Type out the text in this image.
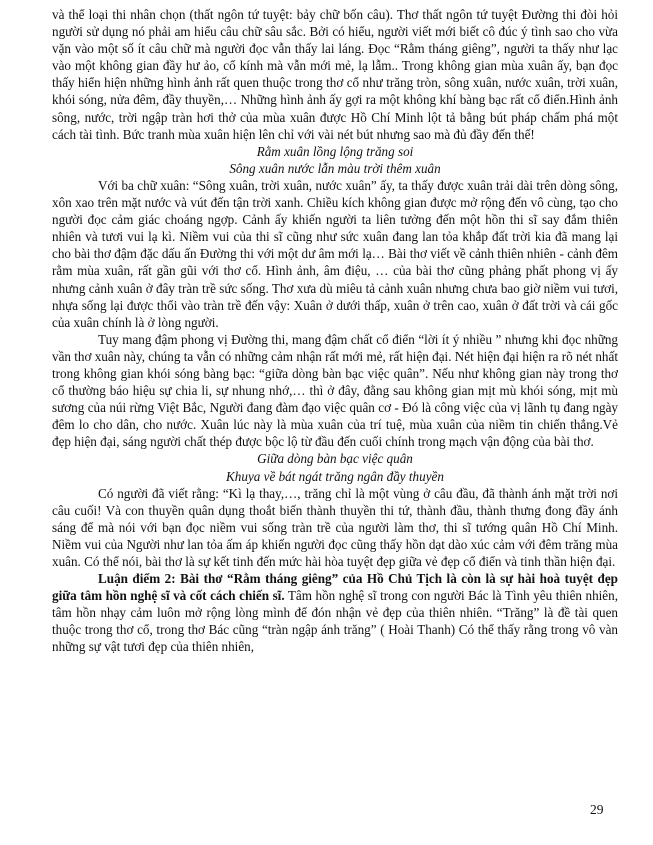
và thể loại thi nhân chọn (thất ngôn tứ tuyệt: bảy chữ bốn câu). Thơ thất ngôn tứ tuyệt Đường thi đòi hỏi người sử dụng nó phải am hiểu câu chữ sâu sắc. Bởi có hiểu, người viết mới biết cô đúc ý tình sao cho vừa vặn vào một số ít câu chữ mà người đọc vẫn thấy lai láng. Đọc “Rằm tháng giêng”, người ta thấy như lạc vào một không gian đầy hư ảo, cổ kính mà vẫn mới mẻ, lạ lẫm.. Trong không gian mùa xuân ấy, bạn đọc thấy hiển hiện những hình ảnh rất quen thuộc trong thơ cổ như trăng tròn, sông xuân, nước xuân, trời xuân, khói sóng, nửa đêm, đầy thuyền,… Những hình ảnh ấy gợi ra một không khí bàng bạc rất cổ điển.Hình ảnh sông, nước, trời ngập tràn hơi thở của mùa xuân được Hồ Chí Minh lột tả bằng bút pháp chấm phá một cách tài tình. Bức tranh mùa xuân hiện lên chỉ với vài nét bút nhưng sao mà đủ đầy đến thế!

Rằm xuân lồng lộng trăng soi

Sông xuân nước lẫn màu trời thêm xuân

Với ba chữ xuân: “Sông xuân, trời xuân, nước xuân” ấy, ta thấy được xuân trải dài trên dòng sông, xôn xao trên mặt nước và vút đến tận trời xanh. Chiều kích không gian được mở rộng đến vô cùng, tạo cho người đọc cảm giác choáng ngợp. Cảnh ấy khiến người ta liên tưởng đến một hồn thi sĩ say đắm thiên nhiên và tươi vui lạ kì. Niềm vui của thi sĩ cũng như sức xuân đang lan tỏa khắp đất trời kia đã mang lại cho bài thơ đậm đặc dấu ấn Đường thi với một dư âm mới lạ… Bài thơ viết về cảnh thiên nhiên - cảnh đêm rằm mùa xuân, rất gần gũi với thơ cổ. Hình ảnh, âm điệu, … của bài thơ cũng phảng phất phong vị ấy nhưng cảnh xuân ở đây tràn trề sức sống. Thơ xưa dù miêu tả cảnh xuân nhưng chưa bao giờ niềm vui tươi, nhựa sống lại được thổi vào tràn trề đến vậy: Xuân ở dưới thấp, xuân ở trên cao, xuân ở đất trời và cái gốc của xuân chính là ở lòng người.

Tuy mang đậm phong vị Đường thi, mang đậm chất cổ điển “lời ít ý nhiều ” nhưng khi đọc những vần thơ xuân này, chúng ta vẫn có những cảm nhận rất mới mẻ, rất hiện đại. Nét hiện đại hiện ra rõ nét nhất trong không gian khói sóng bàng bạc: “giữa dòng bàn bạc việc quân”. Nếu như không gian này trong thơ cổ thường báo hiệu sự chia li, sự nhung nhớ,… thì ở đây, đằng sau không gian mịt mù khói sóng, mịt mù sương của núi rừng Việt Bắc, Người đang đàm đạo việc quân cơ - Đó là công việc của vị lãnh tụ đang ngày đêm lo cho dân, cho nước. Xuân lúc này là mùa xuân của trí tuệ, mùa xuân của niềm tin chiến thắng.Vẻ đẹp hiện đại, sáng người chất thép được bộc lộ từ đầu đến cuối chính trong mạch vận động của bài thơ.

Giữa dòng bàn bạc việc quân

Khuya về bát ngát trăng ngân đầy thuyền

Có người đã viết rằng: “Kì lạ thay,…, trăng chỉ là một vùng ở câu đầu, đã thành ánh mặt trời nơi câu cuối! Và con thuyền quân dụng thoắt biến thành thuyền thi tứ, thành đầu, thành thưng đong đầy ánh sáng để mà nói với bạn đọc niềm vui sống tràn trề của người làm thơ, thi sĩ tướng quân Hồ Chí Minh. Niềm vui của Người như lan tỏa ấm áp khiến người đọc cũng thấy hồn dạt dào xúc cảm với đêm trăng mùa xuân. Có thể nói, bài thơ là sự kết tinh đến mức hài hòa tuyệt đẹp giữa vẻ đẹp cổ điển và tinh thần hiện đại.

Luận điểm 2: Bài thơ “Rằm tháng giêng” của Hồ Chủ Tịch là còn là sự hài hoà tuyệt đẹp giữa tâm hồn nghệ sĩ và cốt cách chiến sĩ. Tâm hồn nghệ sĩ trong con người Bác là Tình yêu thiên nhiên, tâm hồn nhạy cảm luôn mở rộng lòng mình để đón nhận vẻ đẹp của thiên nhiên. “Trăng” là đề tài quen thuộc trong thơ cổ, trong thơ Bác cũng “tràn ngập ánh trăng” ( Hoài Thanh) Có thể thấy rằng trong vô vàn những sự vật tươi đẹp của thiên nhiên,

29
